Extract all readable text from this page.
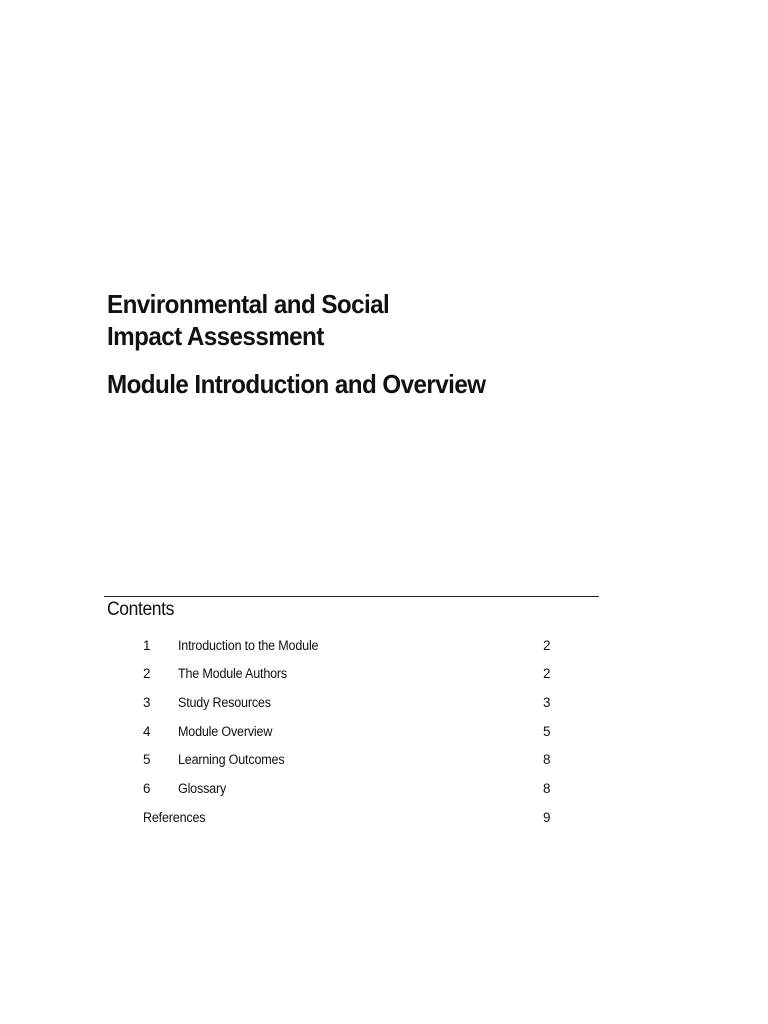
Environmental and Social
Impact Assessment
Module Introduction and Overview
Contents
1 Introduction to the Module	2
2 The Module Authors	2
3 Study Resources	3
4 Module Overview	5
5 Learning Outcomes	8
6 Glossary	8
References	9
